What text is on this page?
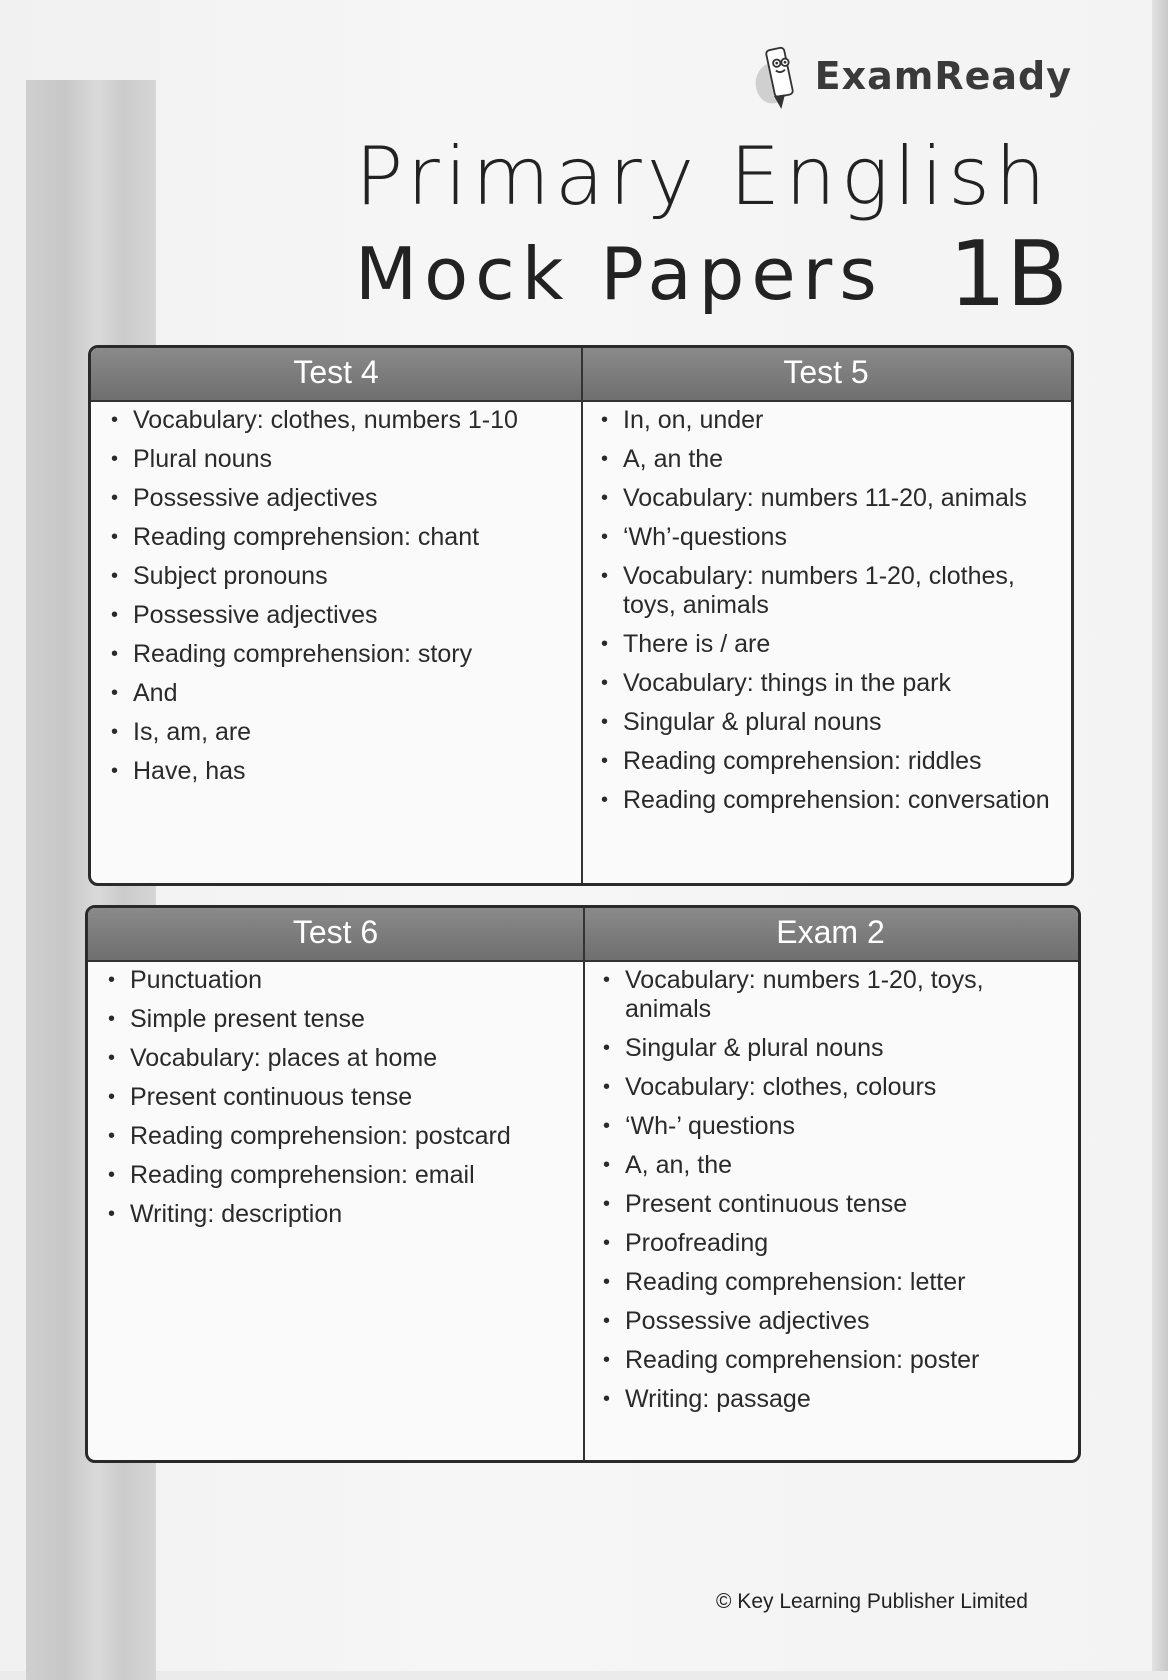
ExamReady
Primary English
Mock Papers 1B
Test 4	Test 5
• Vocabulary: clothes, numbers 1-10
• Plural nouns
• Possessive adjectives
• Reading comprehension: chant
• Subject pronouns
• Possessive adjectives
• Reading comprehension: story
• And
• Is, am, are
• Have, has
• In, on, under
• A, an the
• Vocabulary: numbers 11-20, animals
• ‘Wh’-questions
• Vocabulary: numbers 1-20, clothes, toys, animals
• There is / are
• Vocabulary: things in the park
• Singular & plural nouns
• Reading comprehension: riddles
• Reading comprehension: conversation
Test 6	Exam 2
• Punctuation
• Simple present tense
• Vocabulary: places at home
• Present continuous tense
• Reading comprehension: postcard
• Reading comprehension: email
• Writing: description
• Vocabulary: numbers 1-20, toys, animals
• Singular & plural nouns
• Vocabulary: clothes, colours
• ‘Wh-’ questions
• A, an, the
• Present continuous tense
• Proofreading
• Reading comprehension: letter
• Possessive adjectives
• Reading comprehension: poster
• Writing: passage
© Key Learning Publisher Limited
